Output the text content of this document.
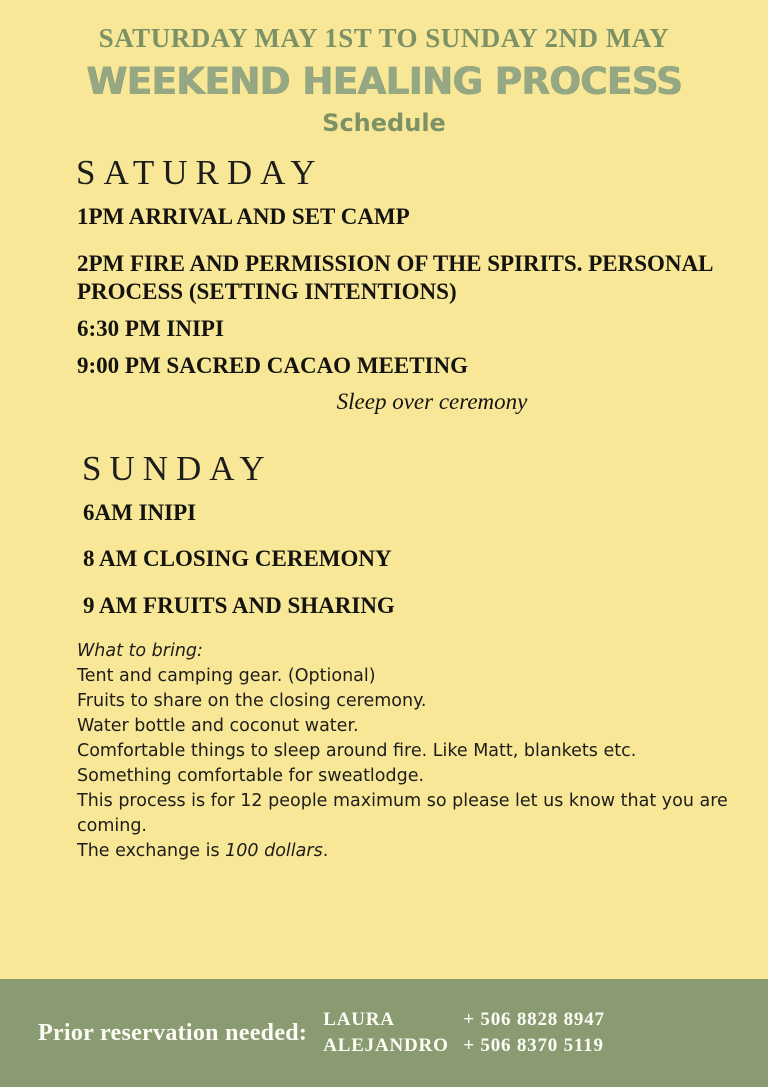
SATURDAY MAY 1ST TO SUNDAY 2ND MAY
WEEKEND HEALING PROCESS
Schedule
SATURDAY
1PM ARRIVAL AND SET CAMP
2PM FIRE AND PERMISSION OF THE SPIRITS. PERSONAL PROCESS (SETTING INTENTIONS)
6:30 PM INIPI
9:00 PM SACRED CACAO MEETING
Sleep over ceremony
SUNDAY
6AM INIPI
8 AM CLOSING CEREMONY
9 AM FRUITS AND SHARING
What to bring:
Tent and camping gear. (Optional)
Fruits to share on the closing ceremony.
Water bottle and coconut water.
Comfortable things to sleep around fire. Like Matt, blankets etc.
Something comfortable for sweatlodge.
This process is for 12 people maximum so please let us know that you are coming.
The exchange is 100 dollars.
Prior reservation needed: LAURA	+ 506 8828 8947
ALEJANDRO + 506 8370 5119
